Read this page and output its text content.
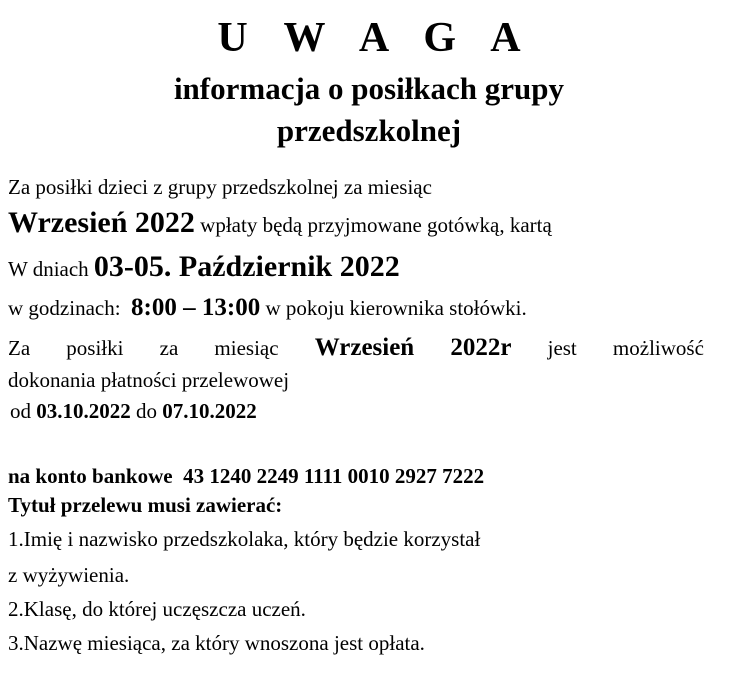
U W A G A
informacja o posiłkach grupy
przedszkolnej
Za posiłki dzieci z grupy przedszkolnej za miesiąc
Wrzesień 2022 wpłaty będą przyjmowane gotówką, kartą
W dniach 03-05. Październik 2022
w godzinach: 8:00 – 13:00 w pokoju kierownika stołówki.
Za posiłki za miesiąc Wrzesień 2022r jest możliwość
dokonania płatności przelewowej
od 03.10.2022 do 07.10.2022
na konto bankowe 43 1240 2249 1111 0010 2927 7222
Tytuł przelewu musi zawierać:
1.Imię i nazwisko przedszkolaka, który będzie korzystał
z wyżywienia.
2.Klasę, do której uczęszcza uczeń.
3.Nazwę miesiąca, za który wnoszona jest opłata.
